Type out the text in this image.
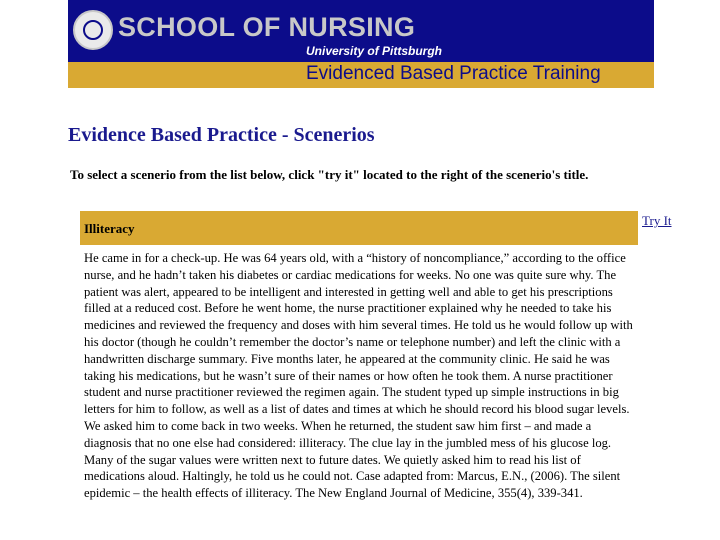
SCHOOL OF NURSING
University of Pittsburgh
Evidenced Based Practice Training
Evidence Based Practice - Scenerios
To select a scenerio from the list below, click "try it" located to the right of the scenerio's title.
Illiteracy
Try It
He came in for a check-up. He was 64 years old, with a “history of noncompliance,” according to the office nurse, and he hadn’t taken his diabetes or cardiac medications for weeks. No one was quite sure why. The patient was alert, appeared to be intelligent and interested in getting well and able to get his prescriptions filled at a reduced cost. Before he went home, the nurse practitioner explained why he needed to take his medicines and reviewed the frequency and doses with him several times. He told us he would follow up with his doctor (though he couldn’t remember the doctor’s name or telephone number) and left the clinic with a handwritten discharge summary. Five months later, he appeared at the community clinic. He said he was taking his medications, but he wasn’t sure of their names or how often he took them. A nurse practitioner student and nurse practitioner reviewed the regimen again. The student typed up simple instructions in big letters for him to follow, as well as a list of dates and times at which he should record his blood sugar levels. We asked him to come back in two weeks. When he returned, the student saw him first – and made a diagnosis that no one else had considered: illiteracy. The clue lay in the jumbled mess of his glucose log. Many of the sugar values were written next to future dates. We quietly asked him to read his list of medications aloud. Haltingly, he told us he could not. Case adapted from: Marcus, E.N., (2006). The silent epidemic – the health effects of illiteracy. The New England Journal of Medicine, 355(4), 339-341.
